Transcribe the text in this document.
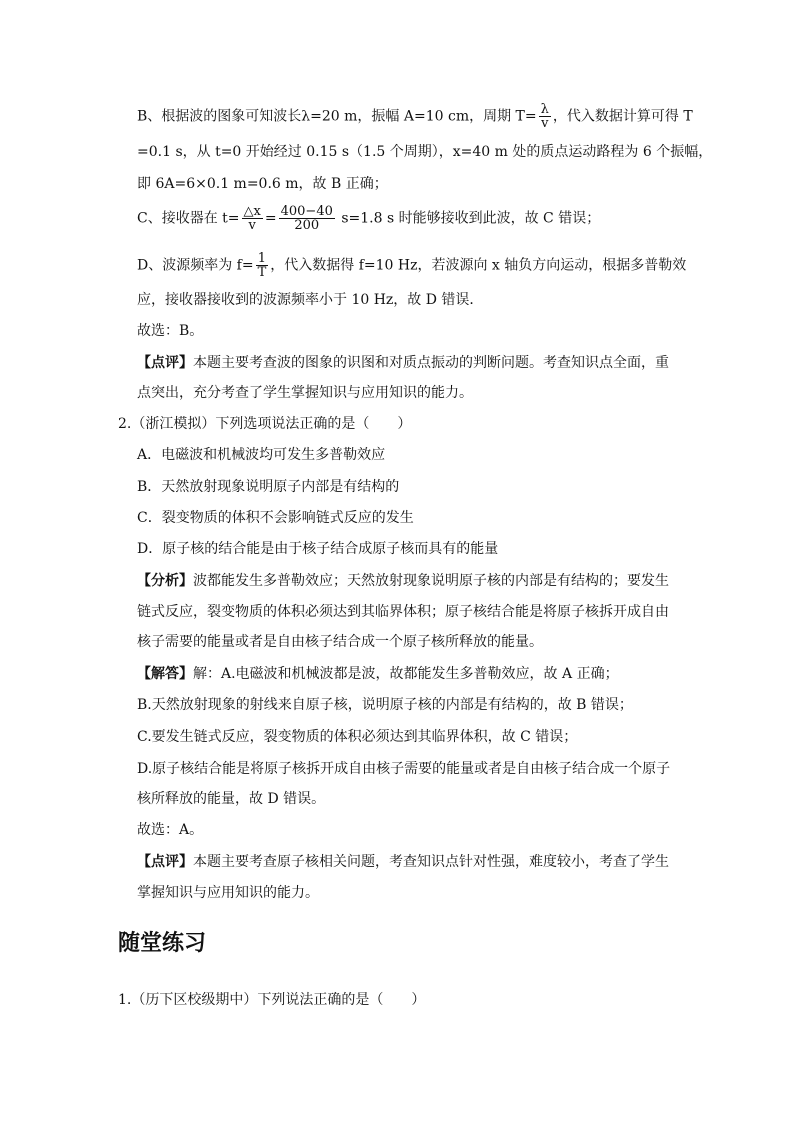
B、根据波的图象可知波长λ=20 m，振幅 A=10 cm，周期 $T= \frac{\lambda}{v}$ ，代入数据计算可得 T
=0.1 s，从 t=0 开始经过 0.15 s（1.5 个周期），x=40 m 处的质点运动路程为 6 个振幅，
即 6A=6×0.1 m=0.6 m，故 B 正确；
C、接收器在 $t= \frac{\triangle x}{v} = \frac{400-40}{200} s=1.8$ s 时能够接收到此波，故 C 错误；
D、波源频率为 $f= \frac{1}{T}$ ，代入数据得 f=10 Hz，若波源向 x 轴负方向运动，根据多普勒效
应，接收器接收到的波源频率小于 10 Hz，故 D 错误．
故选：B。
【点评】本题主要考查波的图象的识图和对质点振动的判断问题。考查知识点全面，重
点突出，充分考查了学生掌握知识与应用知识的能力。
2.（浙江模拟）下列选项说法正确的是（　　）
A．电磁波和机械波均可发生多普勒效应
B．天然放射现象说明原子内部是有结构的
C．裂变物质的体积不会影响链式反应的发生
D．原子核的结合能是由于核子结合成原子核而具有的能量
【分析】波都能发生多普勒效应；天然放射现象说明原子核的内部是有结构的；要发生
链式反应，裂变物质的体积必须达到其临界体积；原子核结合能是将原子核拆开成自由
核子需要的能量或者是自由核子结合成一个原子核所释放的能量。
【解答】解：A.电磁波和机械波都是波，故都能发生多普勒效应，故 A 正确；
B.天然放射现象的射线来自原子核，说明原子核的内部是有结构的，故 B 错误；
C.要发生链式反应，裂变物质的体积必须达到其临界体积，故 C 错误；
D.原子核结合能是将原子核拆开成自由核子需要的能量或者是自由核子结合成一个原子
核所释放的能量，故 D 错误。
故选：A。
【点评】本题主要考查原子核相关问题，考查知识点针对性强，难度较小，考查了学生
掌握知识与应用知识的能力。
随堂练习
1.（历下区校级期中）下列说法正确的是（　　）
